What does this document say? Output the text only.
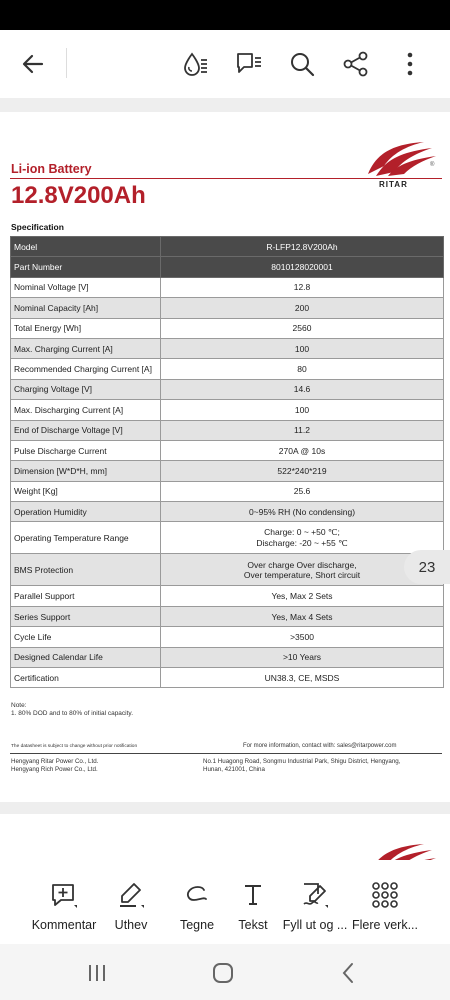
Li-ion Battery
12.8V200Ah	RITAR
®
Specification
Model	R-LFP12.8V200Ah
Part Number	8010128020001
Nominal Voltage [V]	12.8
Nominal Capacity [Ah]	200
Total Energy [Wh]	2560
Max. Charging Current [A]	100
Recommended Charging Current [A]	80
Charging Voltage [V]	14.6
Max. Discharging Current [A]	100
End of Discharge Voltage [V]	11.2
Pulse Discharge Current	270A @ 10s
Dimension [W*D*H, mm]	522*240*219
Weight [Kg]	25.6
Operation Humidity	0~95% RH (No condensing)
Operating Temperature Range	Charge: 0 ~ +50 ℃;
Discharge: -20 ~ +55 ℃

BMS Protection	Over charge Over discharge,
Over temperature, Short circuit

Parallel Support	Yes, Max 2 Sets
Series Support	Yes, Max 4 Sets
Cycle Life	>3500
Designed Calendar Life	>10 Years
Certification	UN38.3, CE, MSDS
Note:
1. 80% DOD and to 80% of initial capacity.
The datasheet is subject to change without prior notification	For more information, contact with: sales@ritarpower.com
Hengyang Ritar Power Co., Ltd.
Hengyang Rich Power Co., Ltd.
No.1 Huagong Road, Songmu Industrial Park, Shigu District, Hengyang,
Hunan, 421001, China
23
Kommentar Uthev	Tegne Tekst Fyll ut og ... Flere verk...
